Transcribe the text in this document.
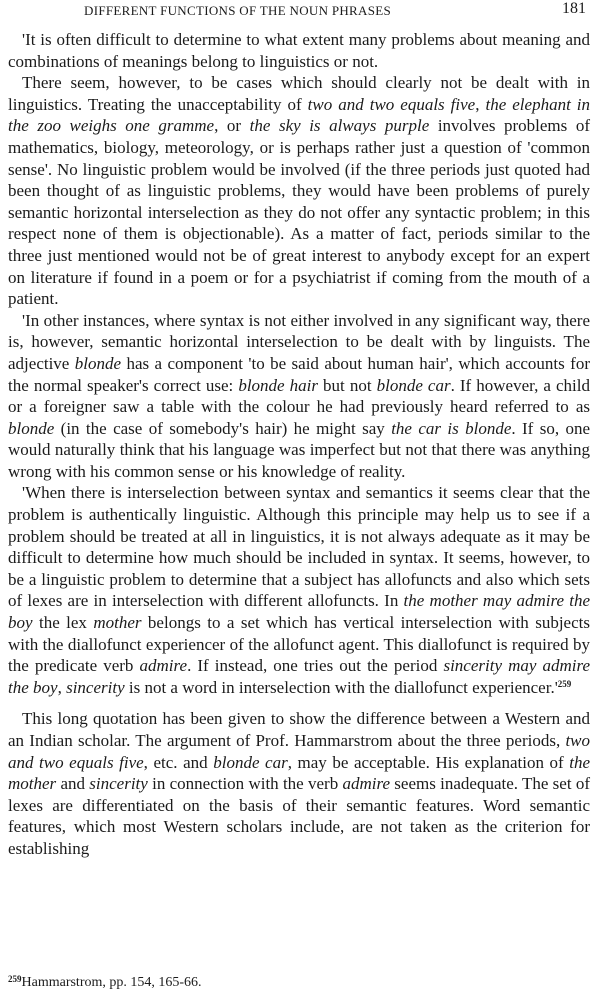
DIFFERENT FUNCTIONS OF THE NOUN PHRASES	181

'It is often difficult to determine to what extent many problems about meaning and combinations of meanings belong to linguistics or not.

There seem, however, to be cases which should clearly not be dealt with in linguistics. Treating the unacceptability of two and two equals five, the elephant in the zoo weighs one gramme, or the sky is always purple involves problems of mathematics, biology, meteorology, or is perhaps rather just a question of 'common sense'. No linguistic problem would be involved (if the three periods just quoted had been thought of as linguistic problems, they would have been problems of purely semantic horizontal interselection as they do not offer any syntactic problem; in this respect none of them is objectionable). As a matter of fact, periods similar to the three just mentioned would not be of great interest to anybody except for an expert on literature if found in a poem or for a psychiatrist if coming from the mouth of a patient.

'In other instances, where syntax is not either involved in any significant way, there is, however, semantic horizontal interselection to be dealt with by linguists. The adjective blonde has a component 'to be said about human hair', which accounts for the normal speaker's correct use: blonde hair but not blonde car. If however, a child or a foreigner saw a table with the colour he had previously heard referred to as blonde (in the case of somebody's hair) he might say the car is blonde. If so, one would naturally think that his language was imperfect but not that there was anything wrong with his common sense or his knowledge of reality.

'When there is interselection between syntax and semantics it seems clear that the problem is authentically linguistic. Although this principle may help us to see if a problem should be treated at all in linguistics, it is not always adequate as it may be difficult to determine how much should be included in syntax. It seems, however, to be a linguistic problem to determine that a subject has allofuncts and also which sets of lexes are in interselection with different allofuncts. In the mother may admire the boy the lex mother belongs to a set which has vertical interselection with subjects with the diallofunct experiencer of the allofunct agent. This diallofunct is required by the predicate verb admire. If instead, one tries out the period sincerity may admire the boy, sincerity is not a word in interselection with the diallofunct $experiencer.'^{259}$

This long quotation has been given to show the difference between a Western and an Indian scholar. The argument of Prof. Hammarstrom about the three periods, two and two equals five, etc. and blonde car, may be acceptable. His explanation of the mother and sincerity in connection with the verb admire seems inadequate. The set of lexes are differentiated on the basis of their semantic features. Word semantic features, which most Western scholars include, are not taken as the criterion for establishing

$^{259}$Hammarstrom, pp. 154, 165-66.
